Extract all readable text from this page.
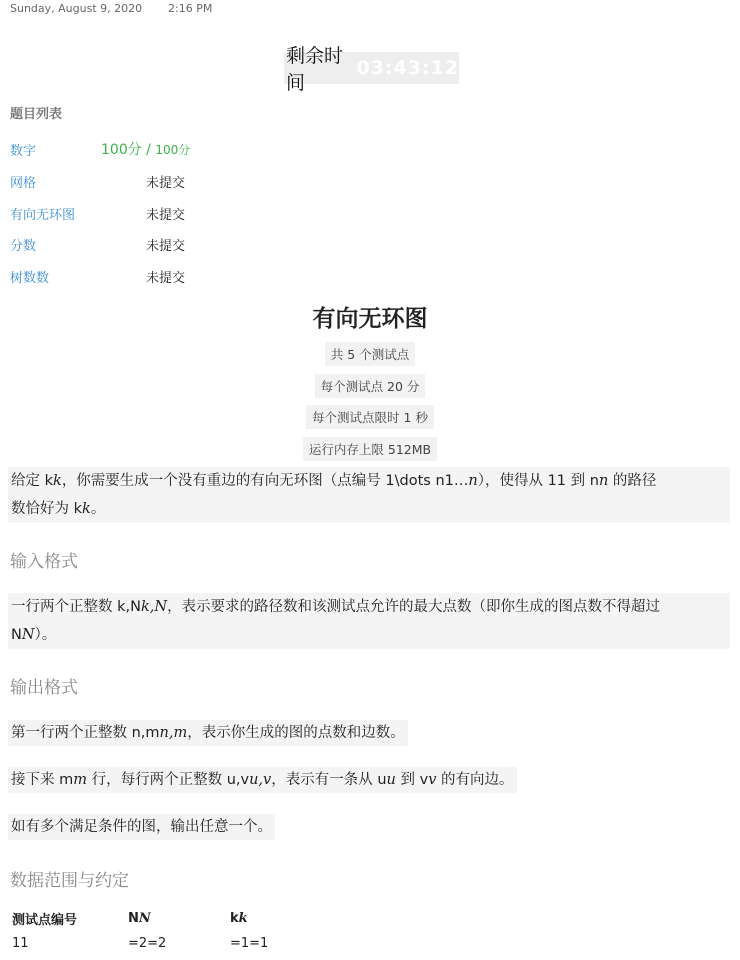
Sunday, August 9, 2020 2:16 PM
剩余时间
03:43:12
题目列表
数字	100分 / 100分
网格	未提交
有向无环图	未提交
分数	未提交
树数数	未提交
有向无环图
共 5 个测试点
每个测试点 20 分
每个测试点限时 1 秒
运行内存上限 512MB
给定 kk，你需要生成一个没有重边的有向无环图（点编号 1\dots n1…n），使得从 11 到 nn 的路径
数恰好为 kk。
输入格式
一行两个正整数 k,Nk,N，表示要求的路径数和该测试点允许的最大点数（即你生成的图点数不得超过
NN）。
输出格式
第一行两个正整数 n,mn,m，表示你生成的图的点数和边数。
接下来 mm 行，每行两个正整数 u,vu,v，表示有一条从 uu 到 vv 的有向边。
如有多个满足条件的图，输出任意一个。
数据范围与约定
测试点编号	NN	kk
11	=2=2	=1=1
